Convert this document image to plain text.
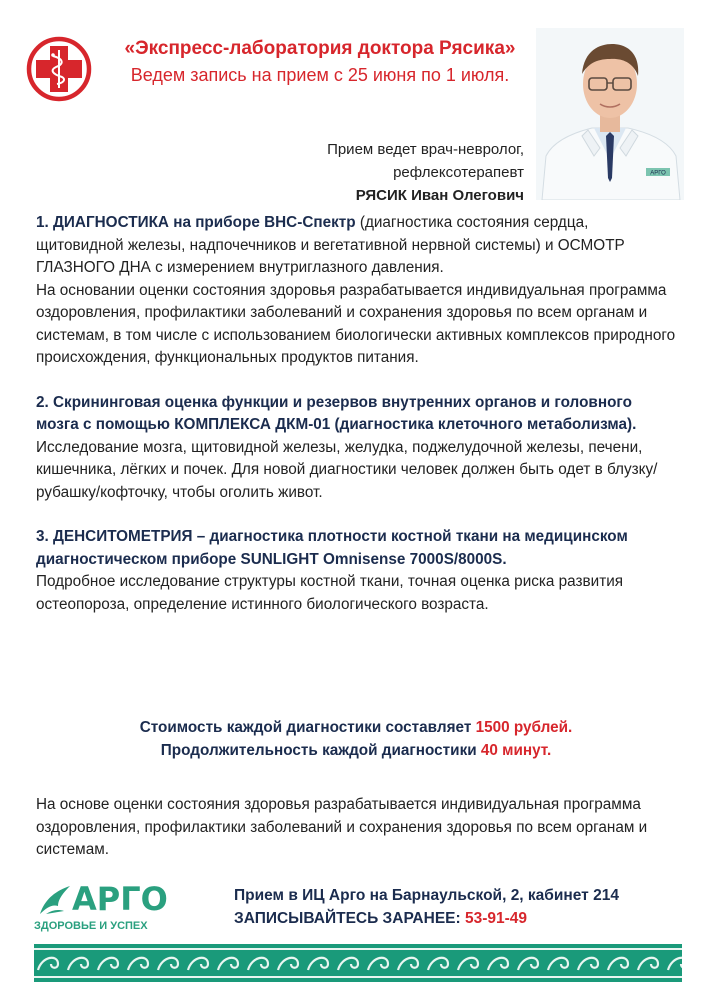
«Экспресс-лаборатория доктора Рясика»
Ведем запись на прием с 25 июня по 1 июля.
АРГО
Прием ведет врач-невролог,
рефлексотерапевт
РЯСИК Иван Олегович
1. ДИАГНОСТИКА на приборе ВНС-Спектр (диагностика состояния сердца, щитовидной железы, надпочечников и вегетативной нервной системы) и ОСМОТР ГЛАЗНОГО ДНА с измерением внутриглазного давления.
На основании оценки состояния здоровья разрабатывается индивидуальная программа оздоровления, профилактики заболеваний и сохранения здоровья по всем органам и системам, в том числе с использованием биологически активных комплексов природного происхождения, функциональных продуктов питания.
2. Скрининговая оценка функции и резервов внутренних органов и головного мозга с помощью КОМПЛЕКСА ДКМ-01 (диагностика клеточного метаболизма).
Исследование мозга, щитовидной железы, желудка, поджелудочной железы, печени, кишечника, лёгких и почек. Для новой диагностики человек должен быть одет в блузку/рубашку/кофточку, чтобы оголить живот.
3. ДЕНСИТОМЕТРИЯ – диагностика плотности костной ткани на медицинском диагностическом приборе SUNLIGHT Omnisense 7000S/8000S.
Подробное исследование структуры костной ткани, точная оценка риска развития остеопороза, определение истинного биологического возраста.
Стоимость каждой диагностики составляет 1500 рублей.
Продолжительность каждой диагностики 40 минут.
На основе оценки состояния здоровья разрабатывается индивидуальная программа оздоровления, профилактики заболеваний и сохранения здоровья по всем органам и системам.
АРГО
ЗДОРОВЬЕ И УСПЕХ
Прием в ИЦ Арго на Барнаульской, 2, кабинет 214
ЗАПИСЫВАЙТЕСЬ ЗАРАНЕЕ: 53-91-49
